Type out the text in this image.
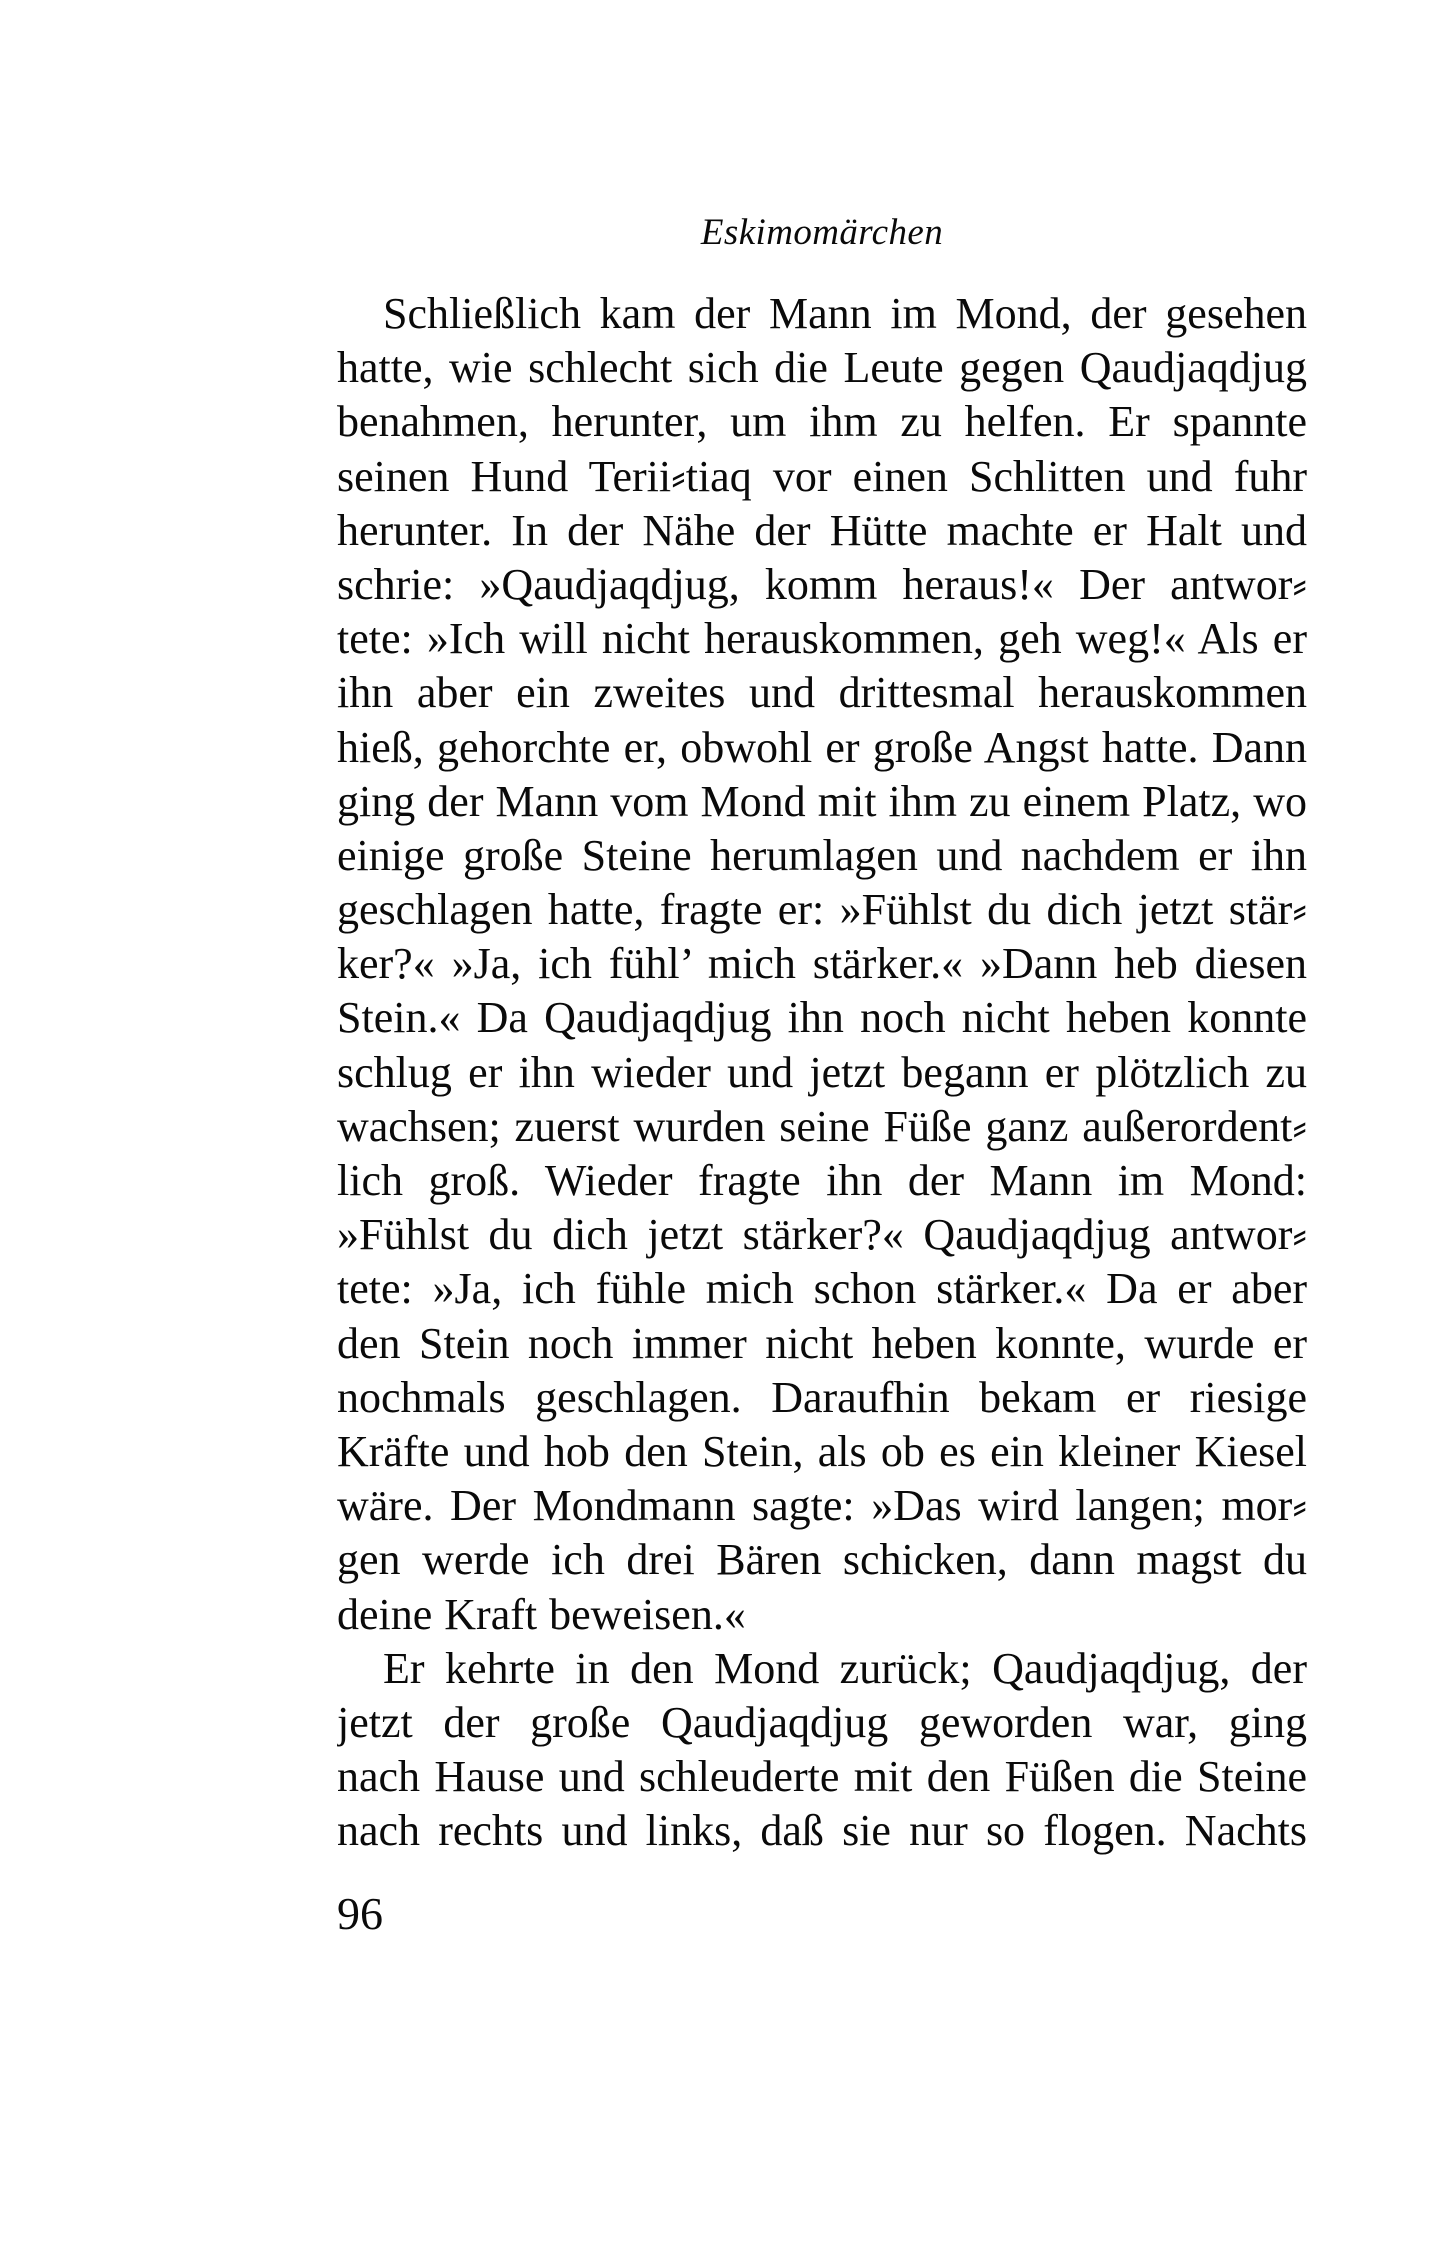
Eskimomärchen
Schließlich kam der Mann im Mond, der gesehen
hatte, wie schlecht sich die Leute gegen Qaudjaqdjug
benahmen, herunter, um ihm zu helfen. Er spannte
seinen Hund Terii⸗tiaq vor einen Schlitten und fuhr
herunter. In der Nähe der Hütte machte er Halt und
schrie: »Qaudjaqdjug, komm heraus!« Der antwor⸗
tete: »Ich will nicht herauskommen, geh weg!« Als er
ihn aber ein zweites und drittesmal herauskommen
hieß, gehorchte er, obwohl er große Angst hatte. Dann
ging der Mann vom Mond mit ihm zu einem Platz, wo
einige große Steine herumlagen und nachdem er ihn
geschlagen hatte, fragte er: »Fühlst du dich jetzt stär⸗
ker?« »Ja, ich fühl’ mich stärker.« »Dann heb diesen
Stein.« Da Qaudjaqdjug ihn noch nicht heben konnte
schlug er ihn wieder und jetzt begann er plötzlich zu
wachsen; zuerst wurden seine Füße ganz außerordent⸗
lich groß. Wieder fragte ihn der Mann im Mond:
»Fühlst du dich jetzt stärker?« Qaudjaqdjug antwor⸗
tete: »Ja, ich fühle mich schon stärker.« Da er aber
den Stein noch immer nicht heben konnte, wurde er
nochmals geschlagen. Daraufhin bekam er riesige
Kräfte und hob den Stein, als ob es ein kleiner Kiesel
wäre. Der Mondmann sagte: »Das wird langen; mor⸗
gen werde ich drei Bären schicken, dann magst du
deine Kraft beweisen.«
Er kehrte in den Mond zurück; Qaudjaqdjug, der
jetzt der große Qaudjaqdjug geworden war, ging
nach Hause und schleuderte mit den Füßen die Steine
nach rechts und links, daß sie nur so flogen. Nachts
96
